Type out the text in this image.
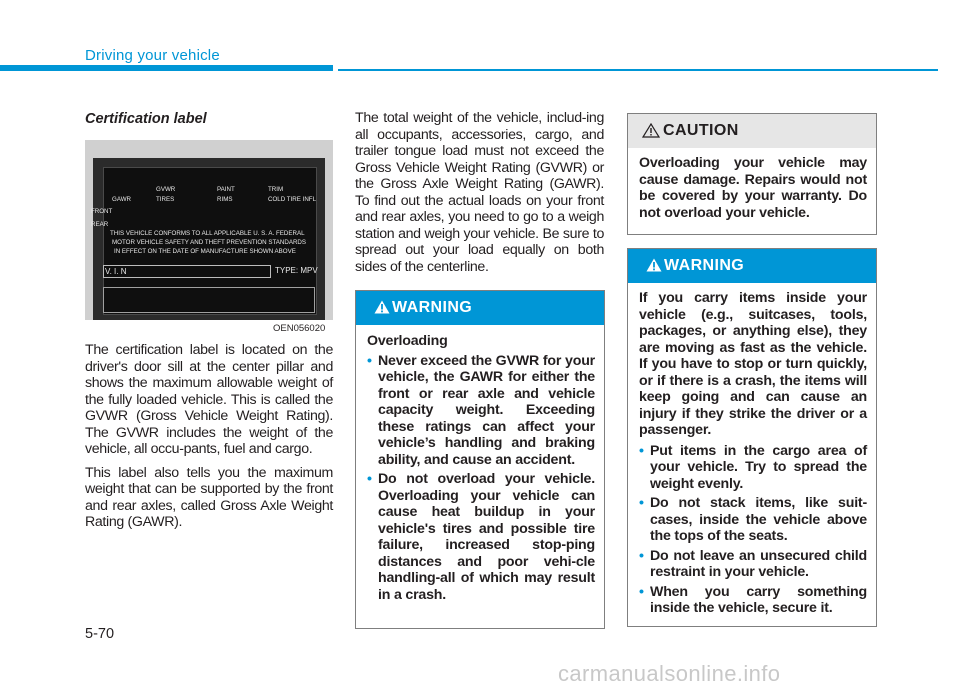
Driving your vehicle
Certification label
GVWR
GAWR	TIRES
PAINT
RIMS
TRIM
COLD TIRE INFL
FRONT
REAR
THIS VEHICLE CONFORMS TO ALL APPLICABLE U. S. A. FEDERAL
MOTOR VEHICLE SAFETY AND THEFT PREVENTION STANDARDS
IN EFFECT ON THE DATE OF MANUFACTURE SHOWN ABOVE
TYPE: MPV
V. I. N
OEN056020

The certification label is located on the driver's door sill at the center pillar and shows the maximum allowable weight of the fully loaded vehicle. This is called the GVWR (Gross Vehicle Weight Rating). The GVWR includes the weight of the vehicle, all occu-pants, fuel and cargo.

This label also tells you the maximum weight that can be supported by the front and rear axles, called Gross Axle Weight Rating (GAWR).

The total weight of the vehicle, includ-ing all occupants, accessories, cargo, and trailer tongue load must not exceed the Gross Vehicle Weight Rating (GVWR) or the Gross Axle Weight Rating (GAWR). To find out the actual loads on your front and rear axles, you need to go to a weigh station and weigh your vehicle. Be sure to spread out your load equally on both sides of the centerline.

WARNING

Overloading

• Never exceed the GVWR for your vehicle, the GAWR for either the front or rear axle and vehicle capacity weight. Exceeding these ratings can affect your vehicle’s handling and braking ability, and cause an accident.
• Do not overload your vehicle. Overloading your vehicle can cause heat buildup in your vehicle's tires and possible tire failure, increased stop-ping distances and poor vehi-cle handling-all of which may result in a crash.
CAUTION

Overloading your vehicle may cause damage. Repairs would not be covered by your warranty. Do not overload your vehicle.

WARNING

If you carry items inside your vehicle (e.g., suitcases, tools, packages, or anything else), they are moving as fast as the vehicle. If you have to stop or turn quickly, or if there is a crash, the items will keep going and can cause an injury if they strike the driver or a passenger.

• Put items in the cargo area of your vehicle. Try to spread the weight evenly.
• Do not stack items, like suit-cases, inside the vehicle above the tops of the seats.
• Do not leave an unsecured child restraint in your vehicle.
• When you carry something inside the vehicle, secure it.
5-70
carmanualsonline.info
